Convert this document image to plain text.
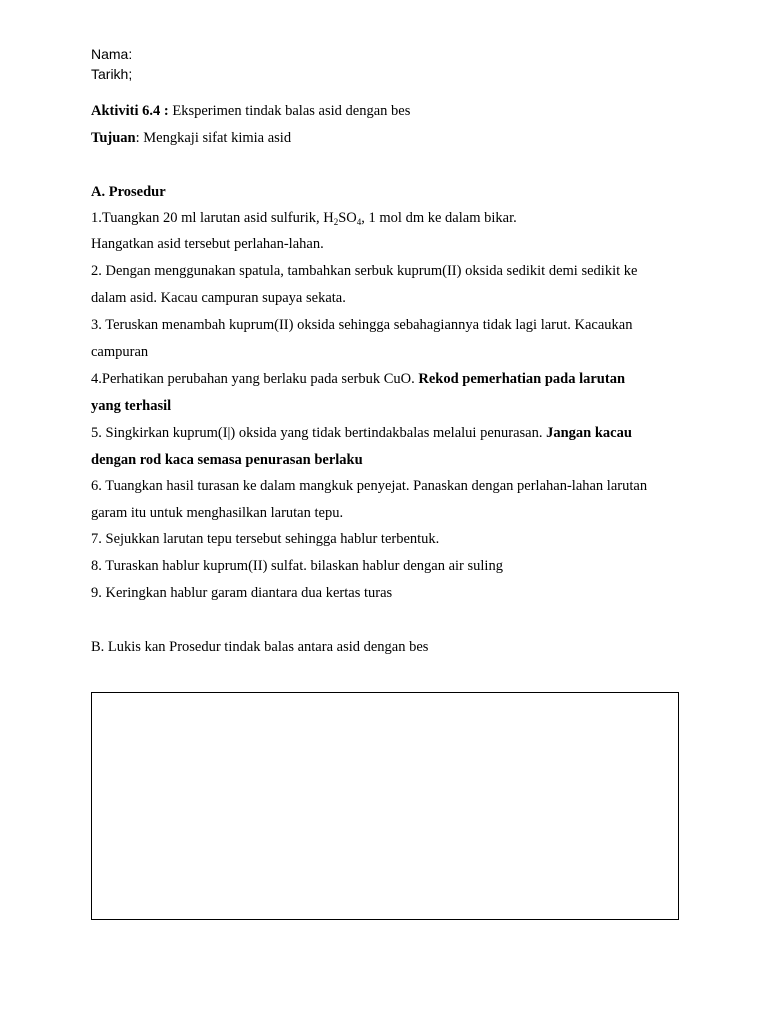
Nama:
Tarikh;
Aktiviti 6.4 : Eksperimen tindak balas asid dengan bes
Tujuan: Mengkaji sifat kimia asid
A. Prosedur
1.Tuangkan 20 ml larutan asid sulfurik, $H_2SO_4$, 1 mol dm ke dalam bikar.
Hangatkan asid tersebut perlahan-lahan.
2. Dengan menggunakan spatula, tambahkan serbuk kuprum(II) oksida sedikit demi sedikit ke
dalam asid. Kacau campuran supaya sekata.
3. Teruskan menambah kuprum(II) oksida sehingga sebahagiannya tidak lagi larut. Kacaukan
campuran
4.Perhatikan perubahan yang berlaku pada serbuk CuO. Rekod pemerhatian pada larutan
yang terhasil
5. Singkirkan kuprum(I|) oksida yang tidak bertindakbalas melalui penurasan. Jangan kacau
dengan rod kaca semasa penurasan berlaku
6. Tuangkan hasil turasan ke dalam mangkuk penyejat. Panaskan dengan perlahan-lahan larutan
garam itu untuk menghasilkan larutan tepu.
7. Sejukkan larutan tepu tersebut sehingga hablur terbentuk.
8. Turaskan hablur kuprum(II) sulfat. bilaskan hablur dengan air suling
9. Keringkan hablur garam diantara dua kertas turas
B. Lukis kan Prosedur tindak balas antara asid dengan bes
